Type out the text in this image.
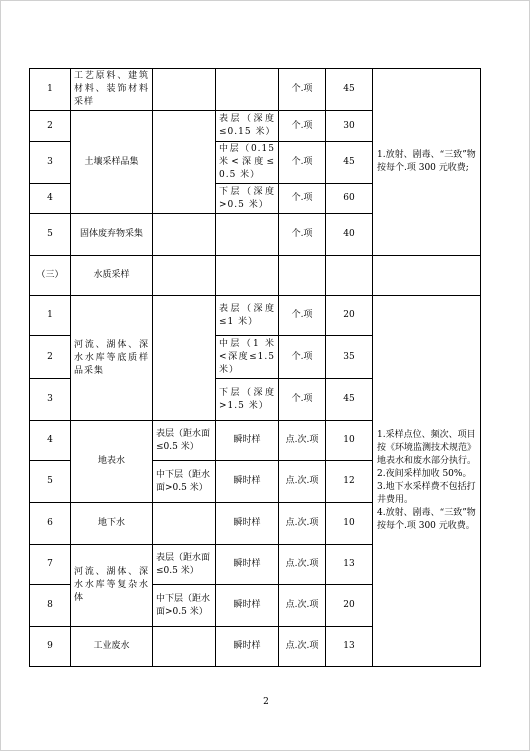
1	工艺原料、建筑材料、装饰材料采样			个.项	45	1.放射、剧毒、“三致”物按每个.项 300 元收费;
2	土壤采样品集		表层（深度≤0.15 米）	个.项	30	
3			中层（0.15 米<深度≤0.5 米）	个.项	45	
4			下层（深度>0.5 米）	个.项	60	
5	固体废弃物采集			个.项	40	
（三）	水质采样					
1	河流、湖体、深水水库等底质样品采集		表层（深度≤1 米）	个.项	20	1.采样点位、频次、项目按《环境监测技术规范》地表水和废水部分执行。
2.夜间采样加收 50%。
3.地下水采样费不包括打井费用。
4.放射、剧毒、“三致”物按每个.项 300 元收费。

2			中层（1 米<深度≤1.5 米）	个.项	35	
3			下层（深度>1.5 米）	个.项	45	
4	地表水	表层（距水面≤0.5 米）	瞬时样	点.次.项	10	
5		中下层（距水面>0.5 米）	瞬时样	点.次.项	12	
6	地下水		瞬时样	点.次.项	10	
7	河流、湖体、深水水库等复杂水体	表层（距水面≤0.5 米）	瞬时样	点.次.项	13	
8		中下层（距水面>0.5 米）	瞬时样	点.次.项	20	
9	工业废水		瞬时样	点.次.项	13	
2
